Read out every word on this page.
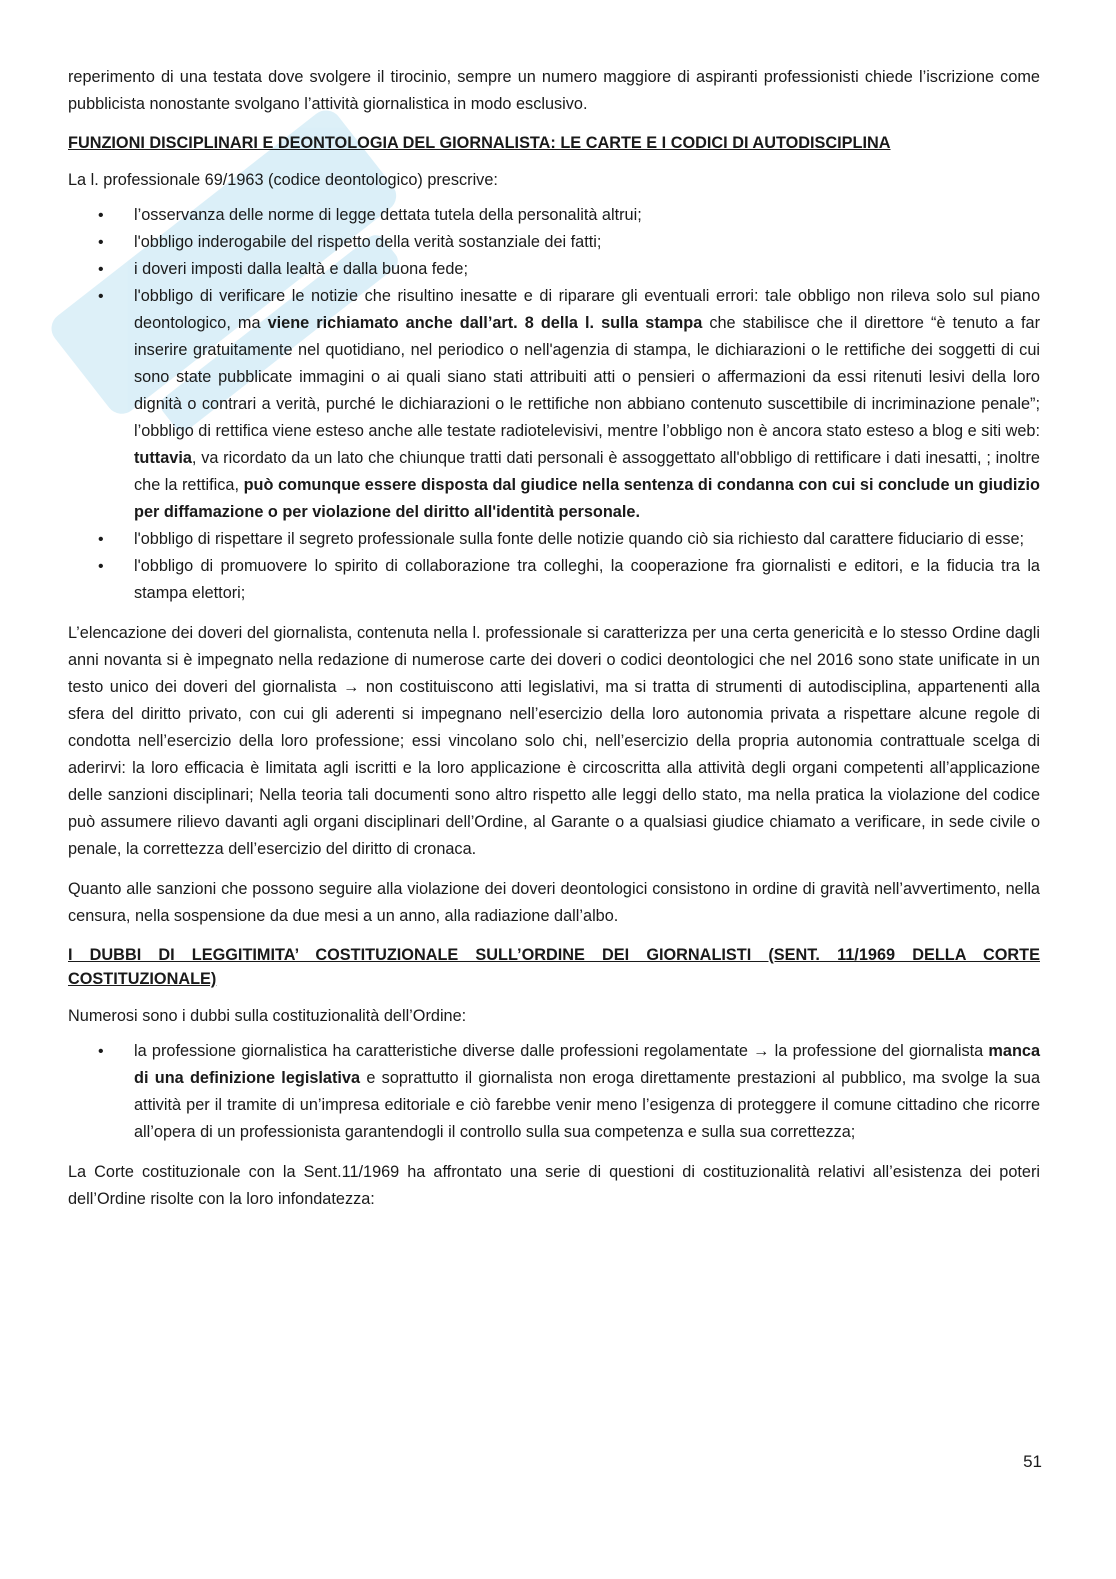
reperimento di una testata dove svolgere il tirocinio, sempre un numero maggiore di aspiranti professionisti chiede l’iscrizione come pubblicista nonostante svolgano l’attività giornalistica in modo esclusivo.

FUNZIONI DISCIPLINARI E DEONTOLOGIA DEL GIORNALISTA: LE CARTE E I CODICI DI AUTODISCIPLINA

La l. professionale 69/1963 (codice deontologico) prescrive:

• l’osservanza delle norme di legge dettata tutela della personalità altrui;
• l'obbligo inderogabile del rispetto della verità sostanziale dei fatti;
• i doveri imposti dalla lealtà e dalla buona fede;
• l'obbligo di verificare le notizie che risultino inesatte e di riparare gli eventuali errori: tale obbligo non rileva solo sul piano deontologico, ma viene richiamato anche dall’art. 8 della l. sulla stampa che stabilisce che il direttore “è tenuto a far inserire gratuitamente nel quotidiano, nel periodico o nell'agenzia di stampa, le dichiarazioni o le rettifiche dei soggetti di cui sono state pubblicate immagini o ai quali siano stati attribuiti atti o pensieri o affermazioni da essi ritenuti lesivi della loro dignità o contrari a verità, purché le dichiarazioni o le rettifiche non abbiano contenuto suscettibile di incriminazione penale”; l’obbligo di rettifica viene esteso anche alle testate radiotelevisivi, mentre l’obbligo non è ancora stato esteso a blog e siti web: tuttavia, va ricordato da un lato che chiunque tratti dati personali è assoggettato all'obbligo di rettificare i dati inesatti, ; inoltre che la rettifica, può comunque essere disposta dal giudice nella sentenza di condanna con cui si conclude un giudizio per diffamazione o per violazione del diritto all'identità personale.
• l'obbligo di rispettare il segreto professionale sulla fonte delle notizie quando ciò sia richiesto dal carattere fiduciario di esse;
• l'obbligo di promuovere lo spirito di collaborazione tra colleghi, la cooperazione fra giornalisti e editori, e la fiducia tra la stampa elettori;

L’elencazione dei doveri del giornalista, contenuta nella l. professionale si caratterizza per una certa genericità e lo stesso Ordine dagli anni novanta si è impegnato nella redazione di numerose carte dei doveri o codici deontologici che nel 2016 sono state unificate in un testo unico dei doveri del giornalista → non costituiscono atti legislativi, ma si tratta di strumenti di autodisciplina, appartenenti alla sfera del diritto privato, con cui gli aderenti si impegnano nell’esercizio della loro autonomia privata a rispettare alcune regole di condotta nell’esercizio della loro professione; essi vincolano solo chi, nell’esercizio della propria autonomia contrattuale scelga di aderirvi: la loro efficacia è limitata agli iscritti e la loro applicazione è circoscritta alla attività degli organi competenti all’applicazione delle sanzioni disciplinari; Nella teoria tali documenti sono altro rispetto alle leggi dello stato, ma nella pratica la violazione del codice può assumere rilievo davanti agli organi disciplinari dell’Ordine, al Garante o a qualsiasi giudice chiamato a verificare, in sede civile o penale, la correttezza dell’esercizio del diritto di cronaca.

Quanto alle sanzioni che possono seguire alla violazione dei doveri deontologici consistono in ordine di gravità nell’avvertimento, nella censura, nella sospensione da due mesi a un anno, alla radiazione dall’albo.

I DUBBI DI LEGGITIMITA’ COSTITUZIONALE SULL’ORDINE DEI GIORNALISTI (SENT. 11/1969 DELLA CORTE COSTITUZIONALE)

Numerosi sono i dubbi sulla costituzionalità dell’Ordine:

• la professione giornalistica ha caratteristiche diverse dalle professioni regolamentate → la professione del giornalista manca di una definizione legislativa e soprattutto il giornalista non eroga direttamente prestazioni al pubblico, ma svolge la sua attività per il tramite di un’impresa editoriale e ciò farebbe venir meno l’esigenza di proteggere il comune cittadino che ricorre all’opera di un professionista garantendogli il controllo sulla sua competenza e sulla sua correttezza;

La Corte costituzionale con la Sent.11/1969 ha affrontato una serie di questioni di costituzionalità relativi all’esistenza dei poteri dell’Ordine risolte con la loro infondatezza:

51
